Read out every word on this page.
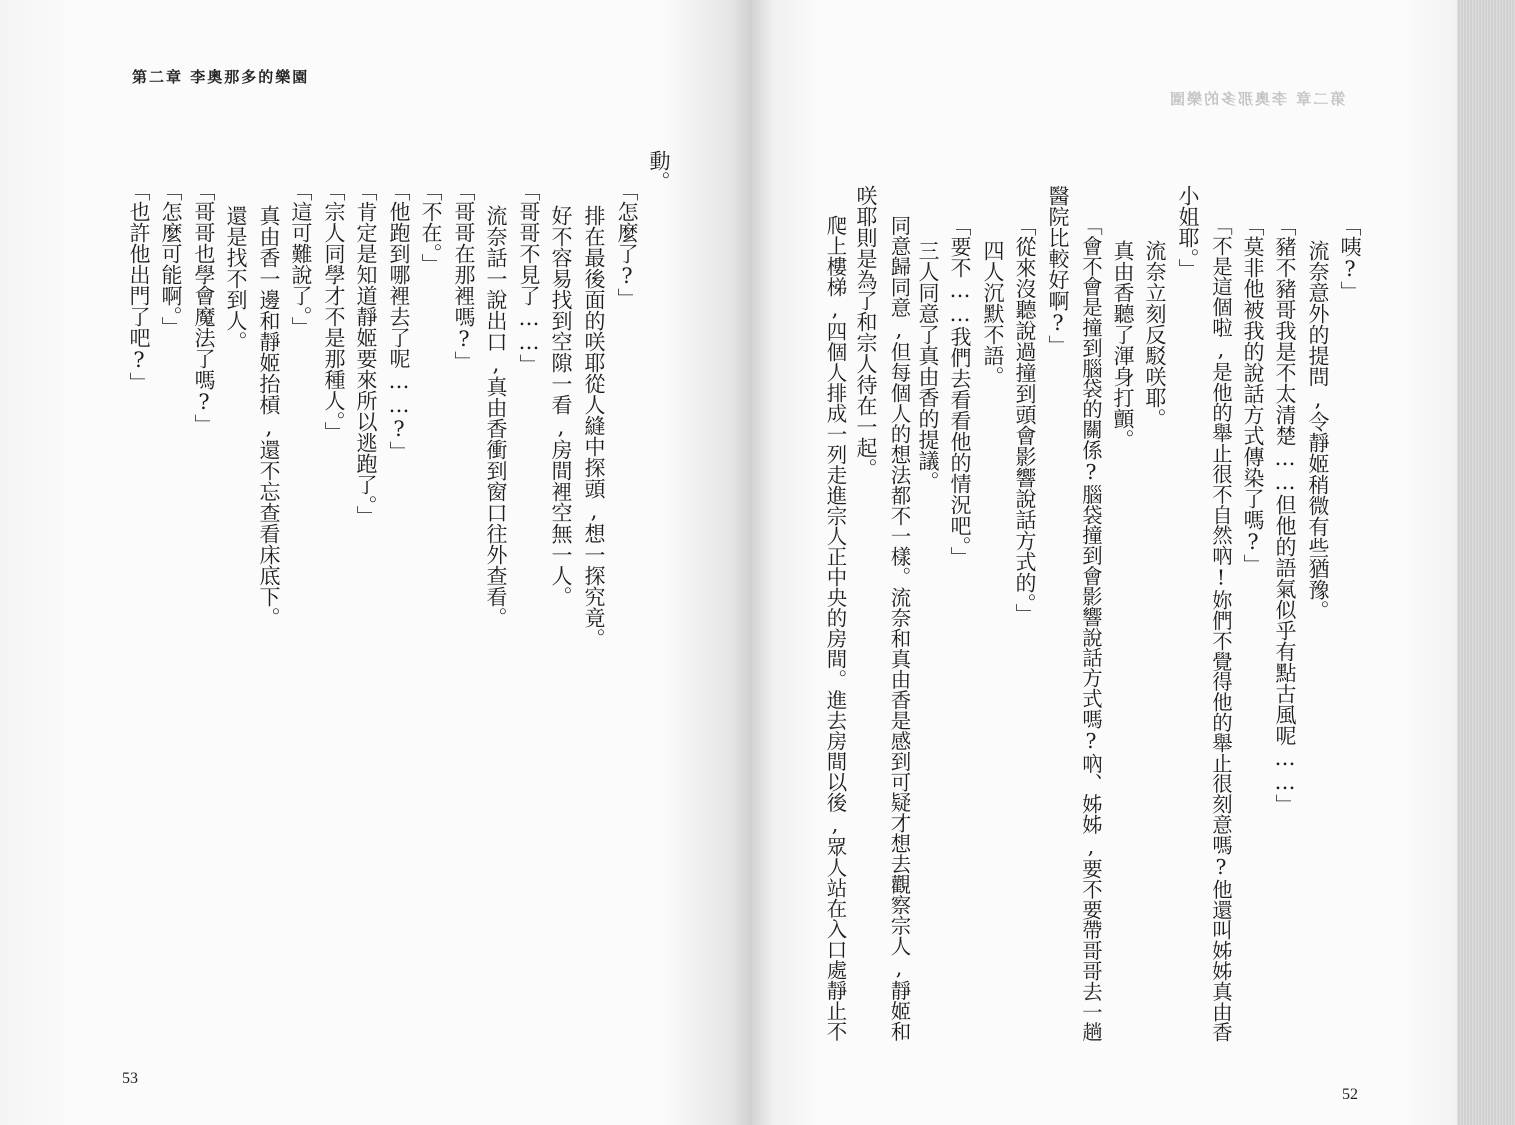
第二章 李奧那多的樂園
動。
「怎麼了?」
排在最後面的咲耶從人縫中探頭,想一探究竟。
好不容易找到空隙一看,房間裡空無一人。
「哥哥不見了……」
流奈話一說出口,真由香衝到窗口往外查看。
「哥哥在那裡嗎?」
「不在。」
「他跑到哪裡去了呢……?」
「肯定是知道靜姬要來所以逃跑了。」
「宗人同學才不是那種人。」
「這可難說了。」
真由香一邊和靜姬抬槓,還不忘查看床底下。
還是找不到人。
「哥哥也學會魔法了嗎?」
「怎麼可能啊。」
「也許他出門了吧?」
53
「咦?」
流奈意外的提問,令靜姬稍微有些猶豫。
「豬不豬哥我是不太清楚……但他的語氣似乎有點古風呢……」
「莫非他被我的說話方式傳染了嗎?」
「不是這個啦,是他的舉止很不自然吶!妳們不覺得他的舉止很刻意嗎?他還叫姊姊真由香
小姐耶。」
流奈立刻反駁咲耶。
真由香聽了渾身打顫。
「會不會是撞到腦袋的關係?腦袋撞到會影響說話方式嗎?吶、姊姊,要不要帶哥哥去一趟
醫院比較好啊?」
「從來沒聽說過撞到頭會影響說話方式的。」
四人沉默不語。
「要不……我們去看看他的情況吧。」
三人同意了真由香的提議。
同意歸同意,但每個人的想法都不一樣。流奈和真由香是感到可疑才想去觀察宗人,靜姬和
咲耶則是為了和宗人待在一起。
爬上樓梯,四個人排成一列走進宗人正中央的房間。進去房間以後,眾人站在入口處靜止不
52
第二章 李奧那多的樂園
